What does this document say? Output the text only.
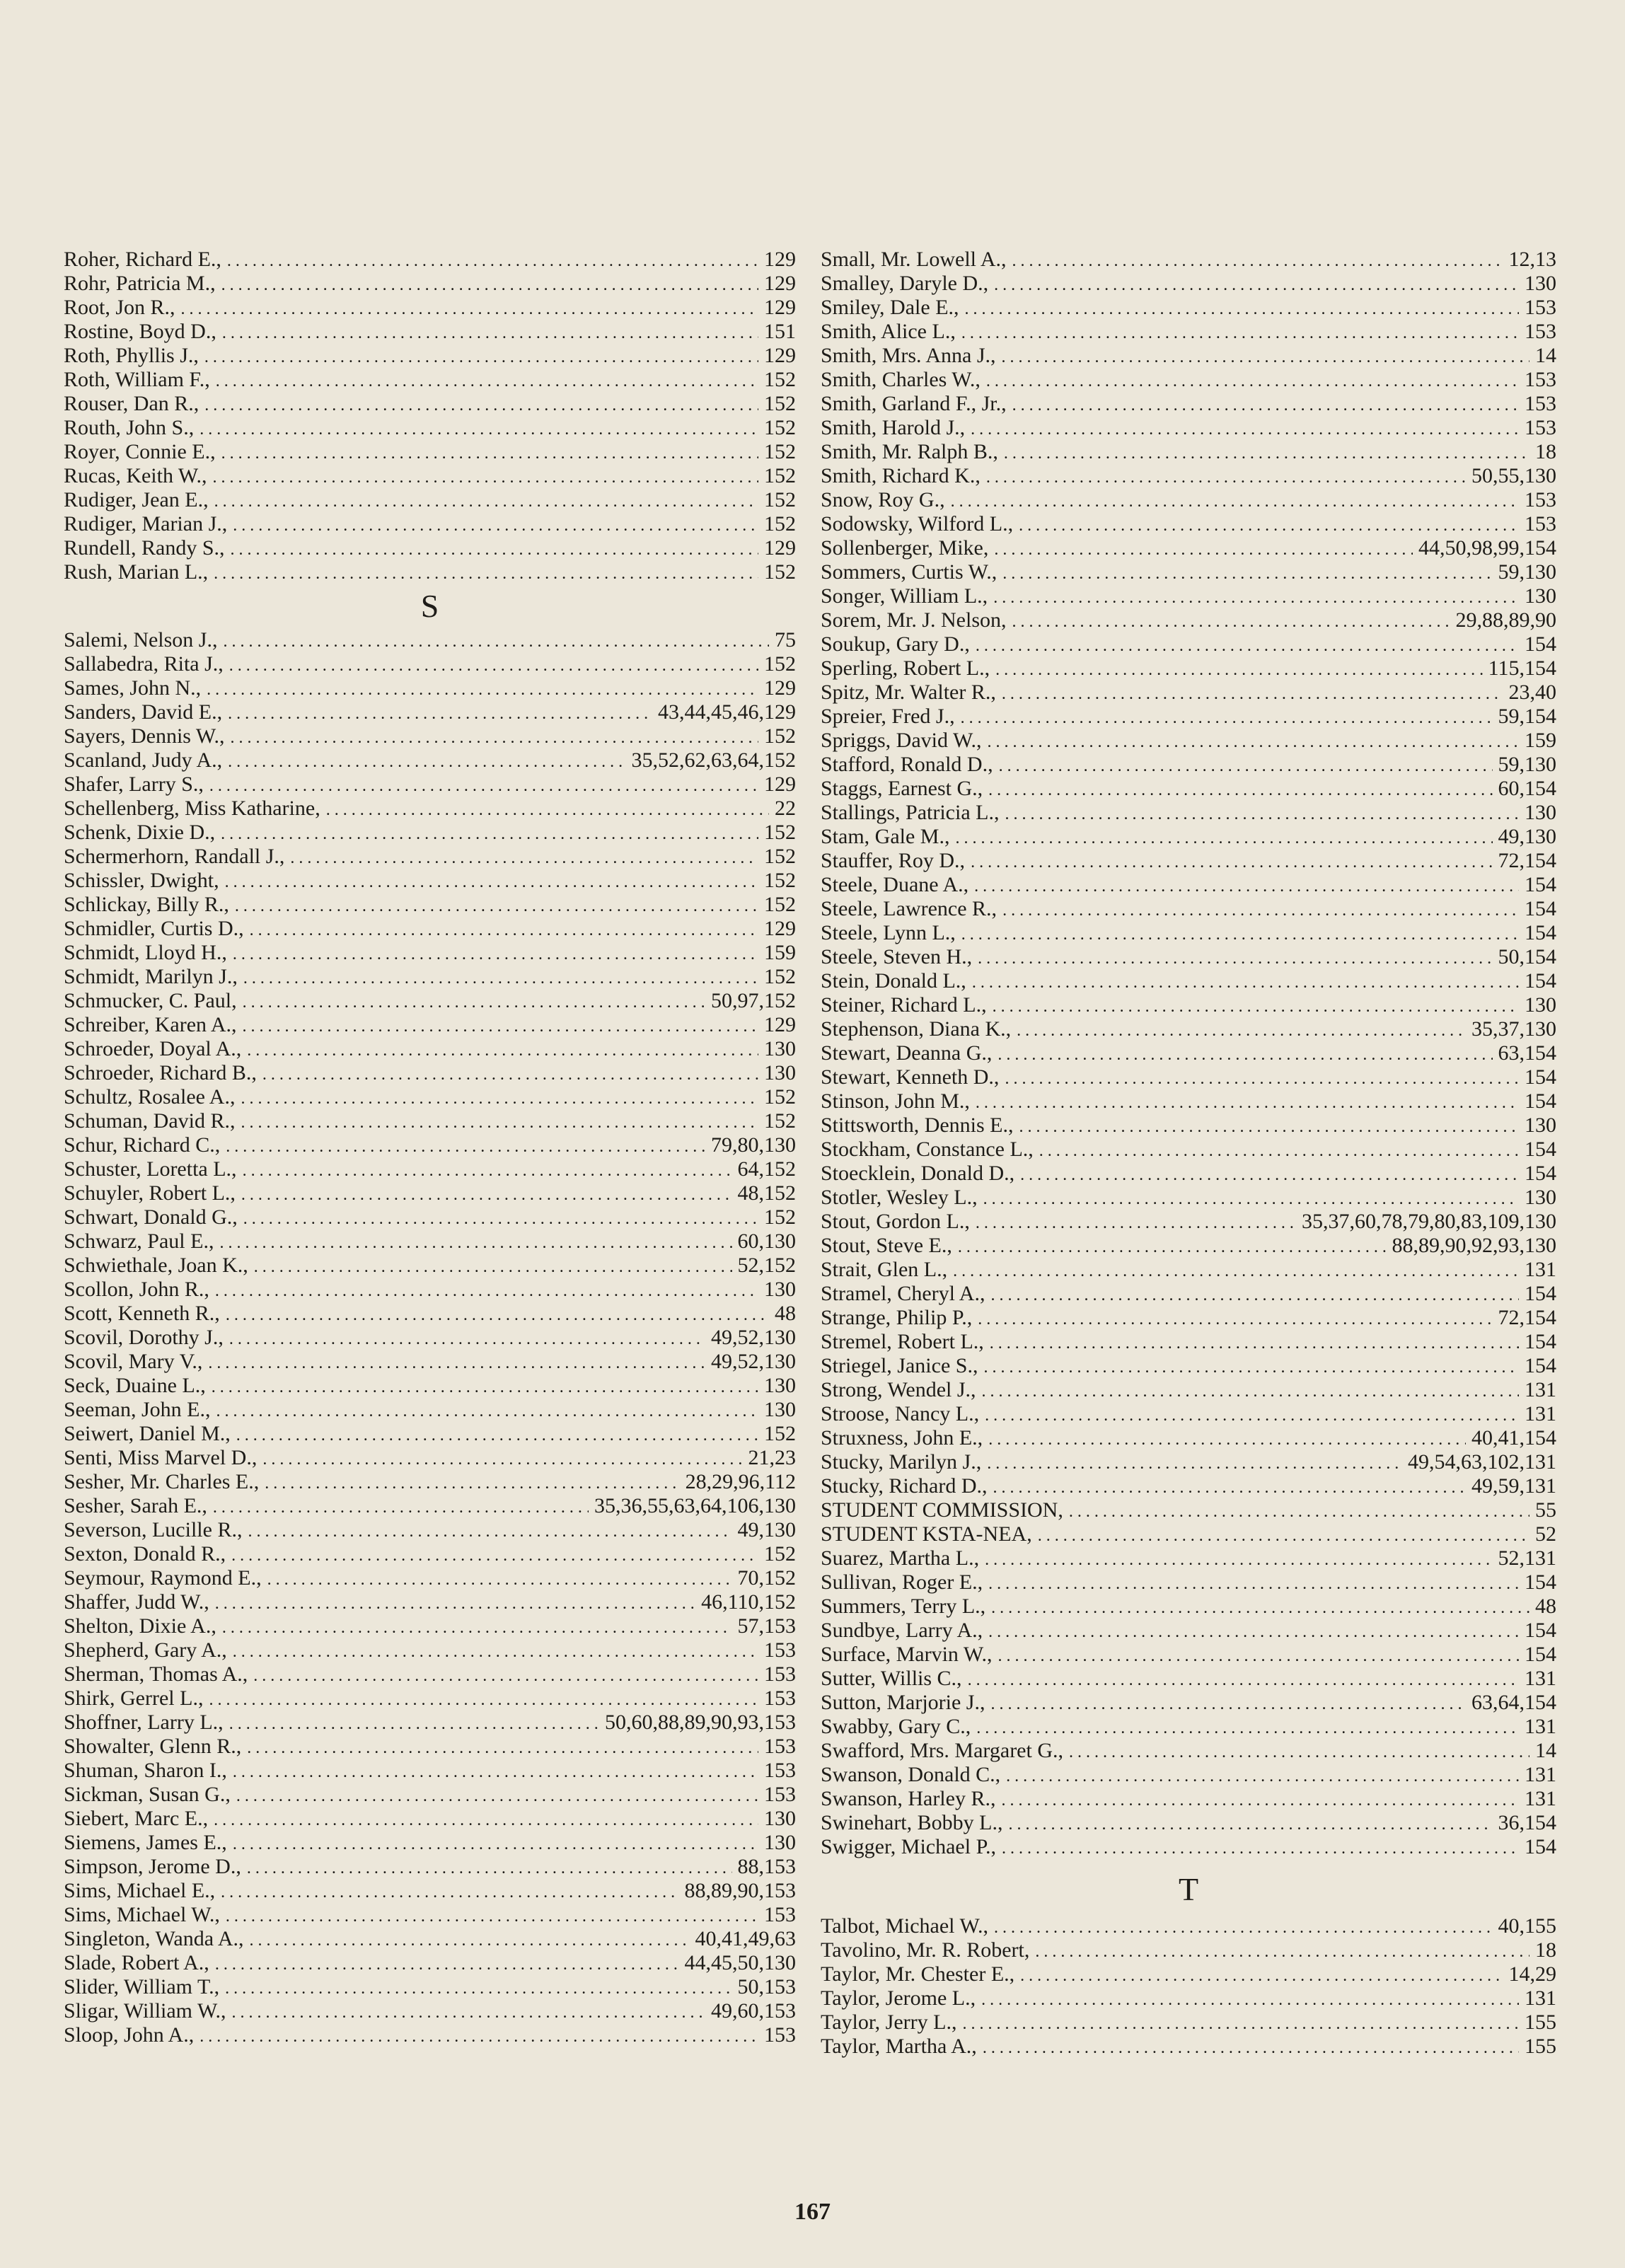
Roher, Richard E., . . .	129
Rohr, Patricia M., . . .	129
Root, Jon R., . . .	129
Rostine, Boyd D., . . .	151
Roth, Phyllis J., . . .	129
Roth, William F., . . .	152
Rouser, Dan R., . . .	152
Routh, John S., . . .	152
Royer, Connie E., . . .	152
Rucas, Keith W., . . .	152
Rudiger, Jean E., . . .	152
Rudiger, Marian J., . . .	152
Rundell, Randy S., . . .	129
Rush, Marian L., . . .	152
S
Salemi, Nelson J., . . .	75
Sallabedra, Rita J., . . .	152
Sames, John N., . . .	129
Sanders, David E., . . .	43,44,45,46,129
Sayers, Dennis W., . . .	152
Scanland, Judy A., . . .	35,52,62,63,64,152
Shafer, Larry S., . . .	129
Schellenberg, Miss Katharine, . . .	22
Schenk, Dixie D., . . .	152
Schermerhorn, Randall J., . . .	152
Schissler, Dwight, . . .	152
Schlickay, Billy R., . . .	152
Schmidler, Curtis D., . . .	129
Schmidt, Lloyd H., . . .	159
Schmidt, Marilyn J., . . .	152
Schmucker, C. Paul, . . .	50,97,152
Schreiber, Karen A., . . .	129
Schroeder, Doyal A., . . .	130
Schroeder, Richard B., . . .	130
Schultz, Rosalee A., . . .	152
Schuman, David R., . . .	152
Schur, Richard C., . . .	79,80,130
Schuster, Loretta L., . . .	64,152
Schuyler, Robert L., . . .	48,152
Schwart, Donald G., . . .	152
Schwarz, Paul E., . . .	60,130
Schwiethale, Joan K., . . .	52,152
Scollon, John R., . . .	130
Scott, Kenneth R., . . .	48
Scovil, Dorothy J., . . .	49,52,130
Scovil, Mary V., . . .	49,52,130
Seck, Duaine L., . . .	130
Seeman, John E., . . .	130
Seiwert, Daniel M., . . .	152
Senti, Miss Marvel D., . . .	21,23
Sesher, Mr. Charles E., . . .	28,29,96,112
Sesher, Sarah E., . . .	35,36,55,63,64,106,130
Severson, Lucille R., . . .	49,130
Sexton, Donald R., . . .	152
Seymour, Raymond E., . . .	70,152
Shaffer, Judd W., . . .	46,110,152
Shelton, Dixie A., . . .	57,153
Shepherd, Gary A., . . .	153
Sherman, Thomas A., . . .	153
Shirk, Gerrel L., . . .	153
Shoffner, Larry L., . . .	50,60,88,89,90,93,153
Showalter, Glenn R., . . .	153
Shuman, Sharon I., . . .	153
Sickman, Susan G., . . .	153
Siebert, Marc E., . . .	130
Siemens, James E., . . .	130
Simpson, Jerome D., . . .	88,153
Sims, Michael E., . . .	88,89,90,153
Sims, Michael W., . . .	153
Singleton, Wanda A., . . .	40,41,49,63
Slade, Robert A., . . .	44,45,50,130
Slider, William T., . . .	50,153
Sligar, William W., . . .	49,60,153
Sloop, John A., . . .	153
Small, Mr. Lowell A., . . .	12,13
Smalley, Daryle D., . . .	130
Smiley, Dale E., . . .	153
Smith, Alice L., . . .	153
Smith, Mrs. Anna J., . . .	14
Smith, Charles W., . . .	153
Smith, Garland F., Jr., . . .	153
Smith, Harold J., . . .	153
Smith, Mr. Ralph B., . . .	18
Smith, Richard K., . . .	50,55,130
Snow, Roy G., . . .	153
Sodowsky, Wilford L., . . .	153
Sollenberger, Mike, . . .	44,50,98,99,154
Sommers, Curtis W., . . .	59,130
Songer, William L., . . .	130
Sorem, Mr. J. Nelson, . . .	29,88,89,90
Soukup, Gary D., . . .	154
Sperling, Robert L., . . .	115,154
Spitz, Mr. Walter R., . . .	23,40
Spreier, Fred J., . . .	59,154
Spriggs, David W., . . .	159
Stafford, Ronald D., . . .	59,130
Staggs, Earnest G., . . .	60,154
Stallings, Patricia L., . . .	130
Stam, Gale M., . . .	49,130
Stauffer, Roy D., . . .	72,154
Steele, Duane A., . . .	154
Steele, Lawrence R., . . .	154
Steele, Lynn L., . . .	154
Steele, Steven H., . . .	50,154
Stein, Donald L., . . .	154
Steiner, Richard L., . . .	130
Stephenson, Diana K., . . .	35,37,130
Stewart, Deanna G., . . .	63,154
Stewart, Kenneth D., . . .	154
Stinson, John M., . . .	154
Stittsworth, Dennis E., . . .	130
Stockham, Constance L., . . .	154
Stoecklein, Donald D., . . .	154
Stotler, Wesley L., . . .	130
Stout, Gordon L., . . .	35,37,60,78,79,80,83,109,130
Stout, Steve E., . . .	88,89,90,92,93,130
Strait, Glen L., . . .	131
Stramel, Cheryl A., . . .	154
Strange, Philip P., . . .	72,154
Stremel, Robert L., . . .	154
Striegel, Janice S., . . .	154
Strong, Wendel J., . . .	131
Stroose, Nancy L., . . .	131
Struxness, John E., . . .	40,41,154
Stucky, Marilyn J., . . .	49,54,63,102,131
Stucky, Richard D., . . .	49,59,131
STUDENT COMMISSION, . . .	55
STUDENT KSTA-NEA, . . .	52
Suarez, Martha L., . . .	52,131
Sullivan, Roger E., . . .	154
Summers, Terry L., . . .	48
Sundbye, Larry A., . . .	154
Surface, Marvin W., . . .	154
Sutter, Willis C., . . .	131
Sutton, Marjorie J., . . .	63,64,154
Swabby, Gary C., . . .	131
Swafford, Mrs. Margaret G., . . .	14
Swanson, Donald C., . . .	131
Swanson, Harley R., . . .	131
Swinehart, Bobby L., . . .	36,154
Swigger, Michael P., . . .	154
T
Talbot, Michael W., . . .	40,155
Tavolino, Mr. R. Robert, . . .	18
Taylor, Mr. Chester E., . . .	14,29
Taylor, Jerome L., . . .	131
Taylor, Jerry L., . . .	155
Taylor, Martha A., . . .	155
167
